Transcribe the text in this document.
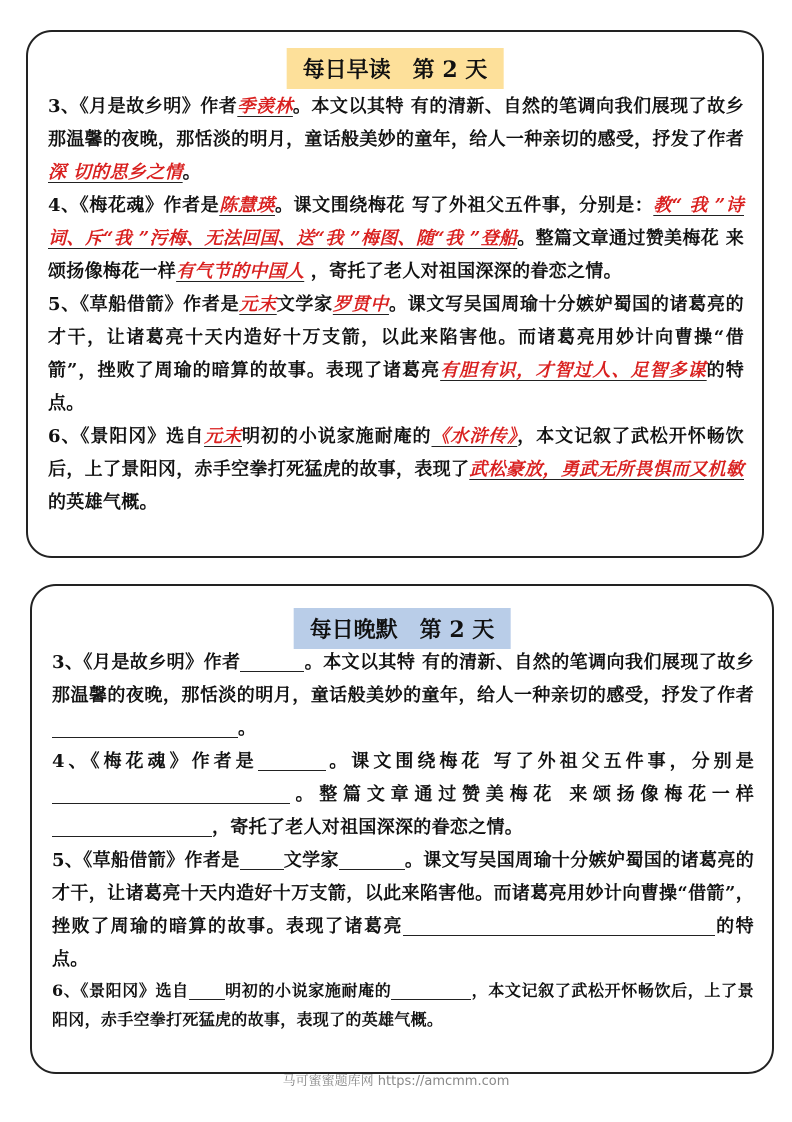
每日早读　第 2 天
3、《月是故乡明》作者季羡林。本文以其特 有的清新、自然的笔调向我们展现了故乡那温馨的夜晚，那恬淡的明月，童话般美妙的童年，给人一种亲切的感受，抒发了作者深 切的思乡之情。
4、《梅花魂》作者是陈慧瑛。课文围绕梅花 写了外祖父五件事，分别是：教“ 我 ”诗词、斥“我 ”污梅、无法回国、送“我 ”梅图、随“我 ”登船。整篇文章通过赞美梅花 来颂扬像梅花一样有气节的中国人 ，寄托了老人对祖国深深的眷恋之情。
5、《草船借箭》作者是元末文学家罗贯中。课文写吴国周瑜十分嫉妒蜀国的诸葛亮的才干，让诸葛亮十天内造好十万支箭，以此来陷害他。而诸葛亮用妙计向曹操“借箭”，挫败了周瑜的暗算的故事。表现了诸葛亮有胆有识，才智过人、足智多谋的特点。
6、《景阳冈》选自元末明初的小说家施耐庵的《水浒传》，本文记叙了武松开怀畅饮后，上了景阳冈，赤手空拳打死猛虎的故事，表现了武松豪放，勇武无所畏惧而又机敏的英雄气概。
每日晚默　第 2 天
3、《月是故乡明》作者	。本文以其特 有的清新、自然的笔调向我们展现了故乡那温馨的夜晚，那恬淡的明月，童话般美妙的童年，给人一种亲切的感受，抒发了作者。
4、《梅花魂》作者是	。课文围绕梅花 写了外祖父五件事，分别是。整篇文章通过赞美梅花 来颂扬像梅花一样，寄托了老人对祖国深深的眷恋之情。
5、《草船借箭》作者是 文学家	。课文写吴国周瑜十分嫉妒蜀国的诸葛亮的才干，让诸葛亮十天内造好十万支箭，以此来陷害他。而诸葛亮用妙计向曹操“借箭”，挫败了周瑜的暗算的故事。表现了诸葛亮	的特点。
6、《景阳冈》选自 明初的小说家施耐庵的	，本文记叙了武松开怀畅饮后，上了景阳冈，赤手空拳打死猛虎的故事，表现了的英雄气概。
马可蜜蜜题库网 https://amcmm.com
